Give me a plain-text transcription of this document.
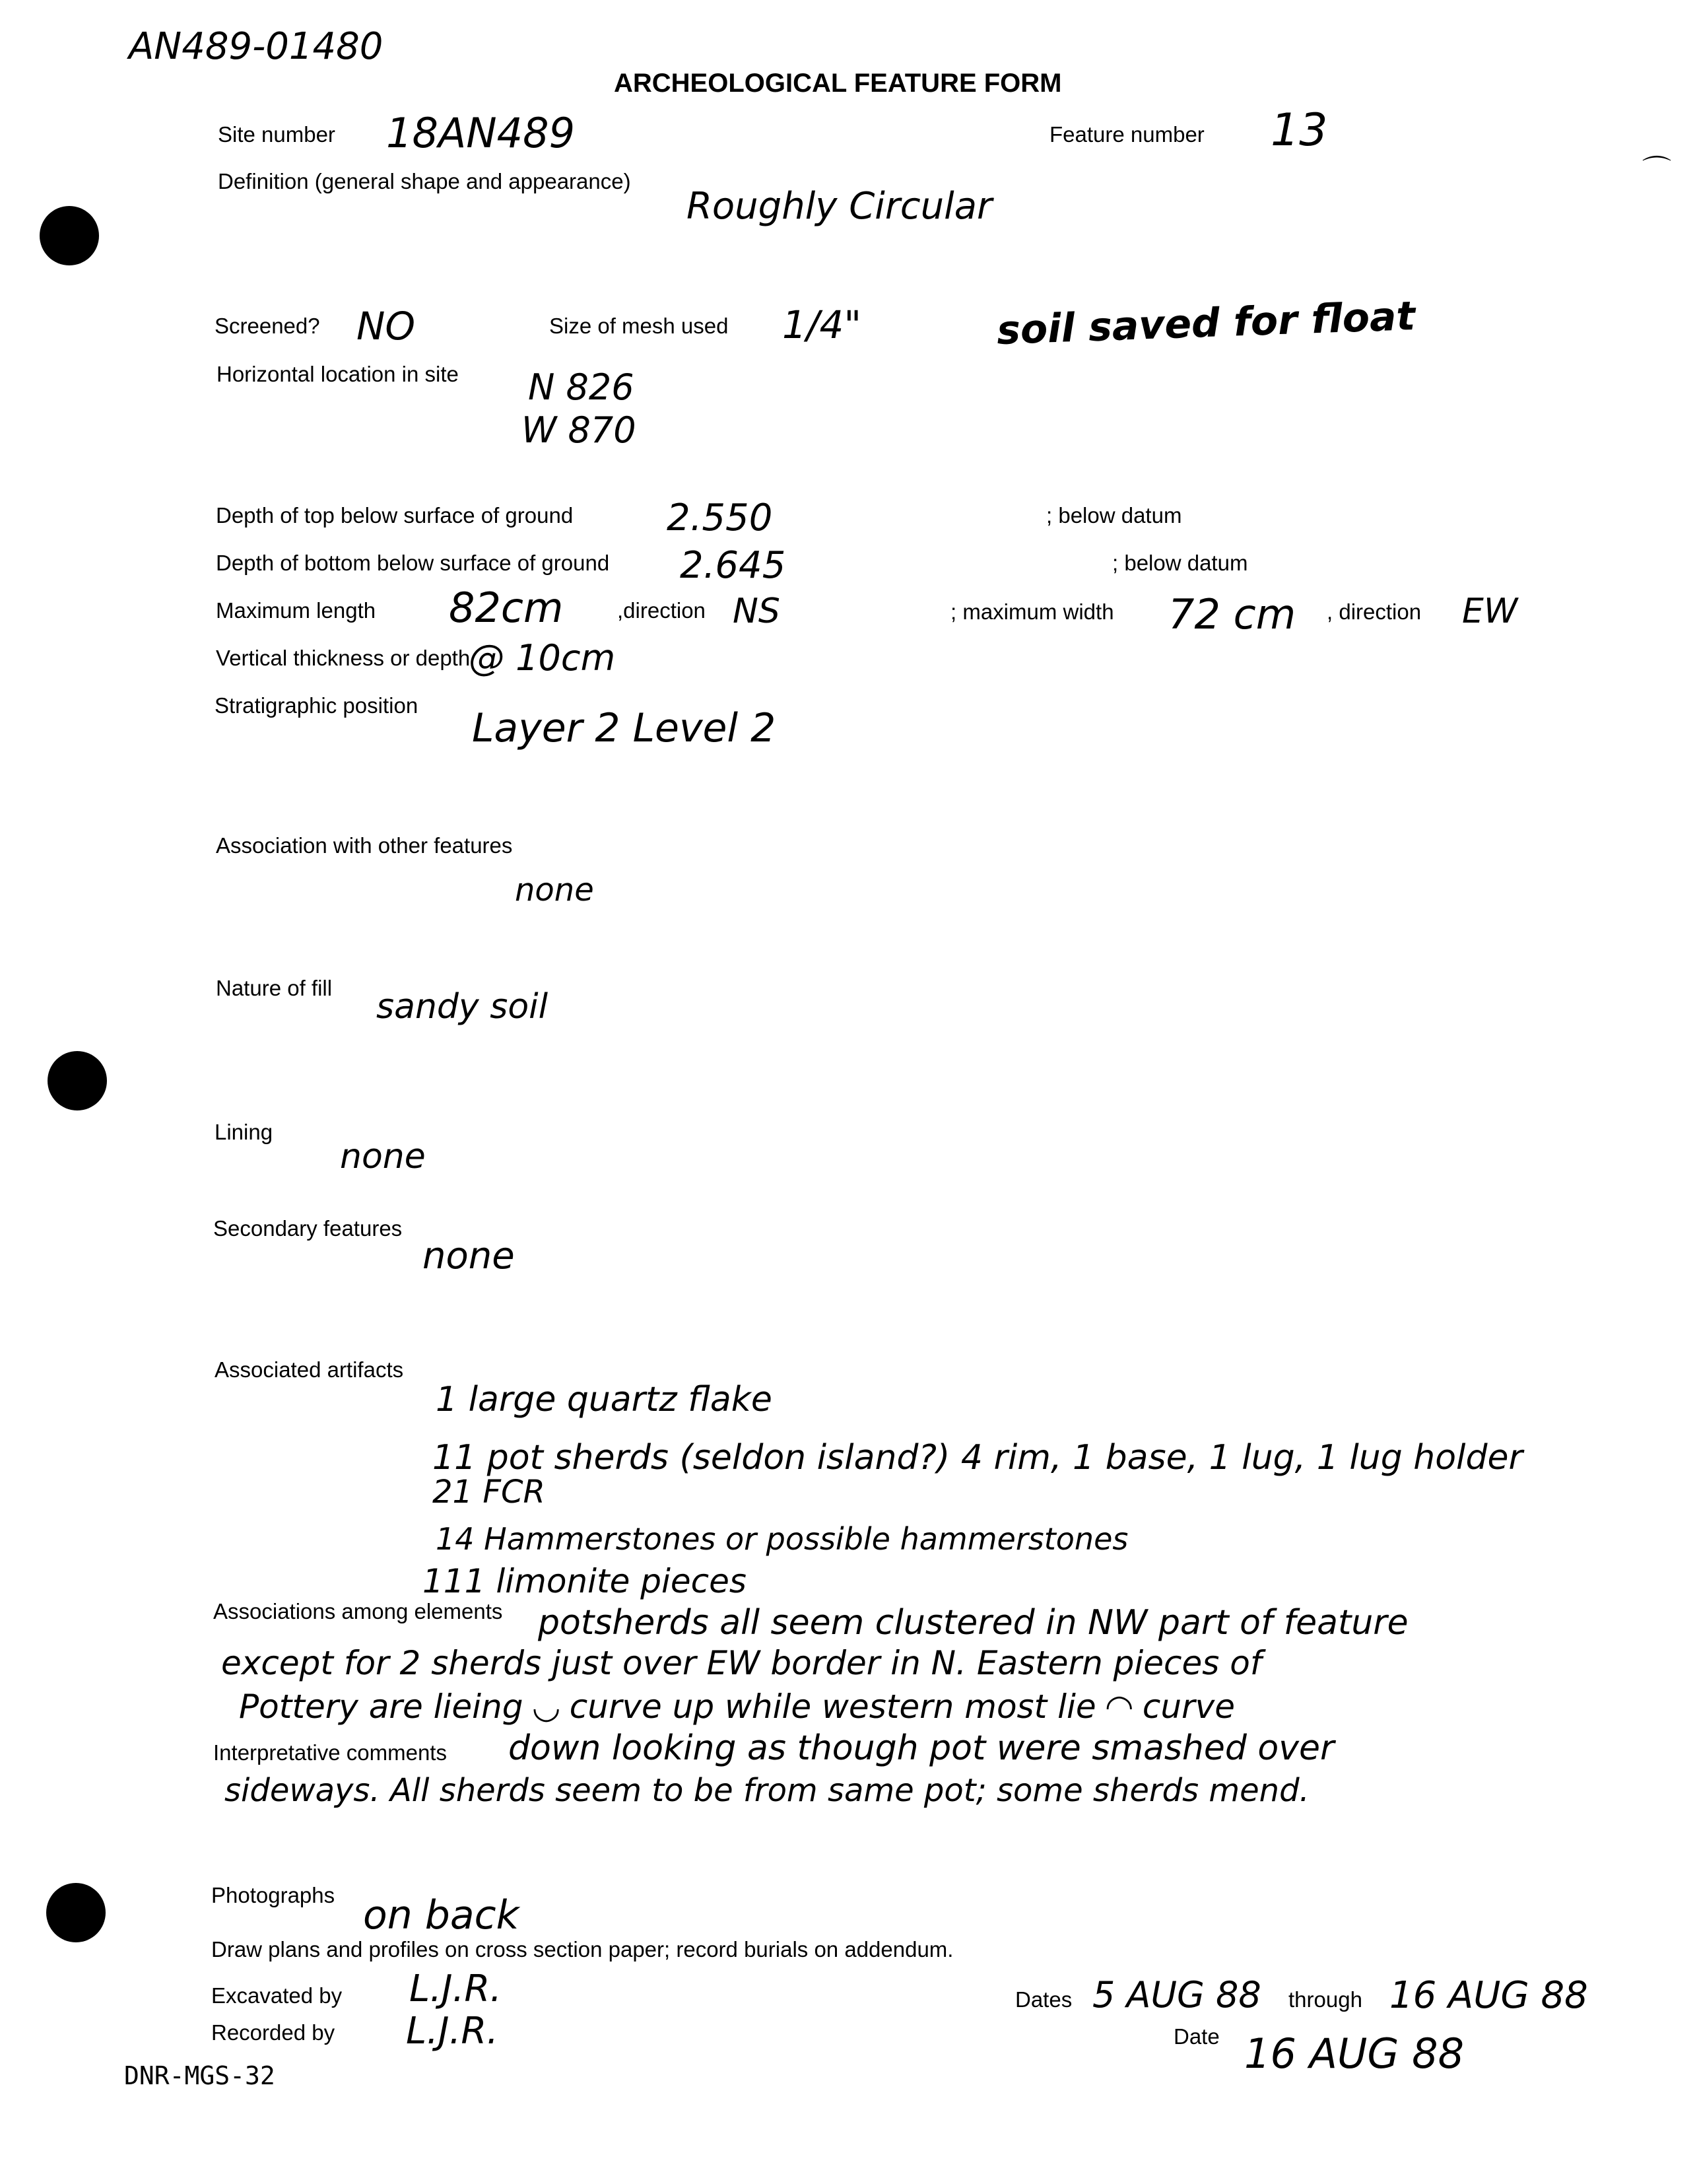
⌒
AN489-01480
ARCHEOLOGICAL FEATURE FORM
Site number 18AN489	Feature number 13
Definition (general shape and appearance)
Roughly Circular
Screened? NO	Size of mesh used 1/4"	soil saved for float
Horizontal location in site N 826
W 870
Depth of top below surface of ground	2.550	; below datum
Depth of bottom below surface of ground 2.645	; below datum
Maximum length 82cm ,direction NS	; maximum width 72 cm , direction EW
Vertical thickness or depth
@ 10cm
Stratigraphic position Layer 2 Level 2
Association with other features
none
Nature of fill sandy soil
Lining
none
Secondary features
none
Associated artifacts
1 large quartz flake
11 pot sherds (seldon island?) 4 rim, 1 base, 1 lug, 1 lug holder
21 FCR
14 Hammerstones or possible hammerstones
111 limonite pieces
Associations among elements potsherds all seem clustered in NW part of feature
except for 2 sherds just over EW border in N. Eastern pieces of
Pottery are lieing ◡ curve up while western most lie ◠ curve
Interpretative comments down looking as though pot were smashed over
sideways. All sherds seem to be from same pot; some sherds mend.
Photographs on back
Draw plans and profiles on cross section paper; record burials on addendum.
Excavated by L.J.R.
Recorded by L.J.R.
Dates 5 AUG 88 through 16 AUG 88
Date 16 AUG 88
DNR-MGS-32
